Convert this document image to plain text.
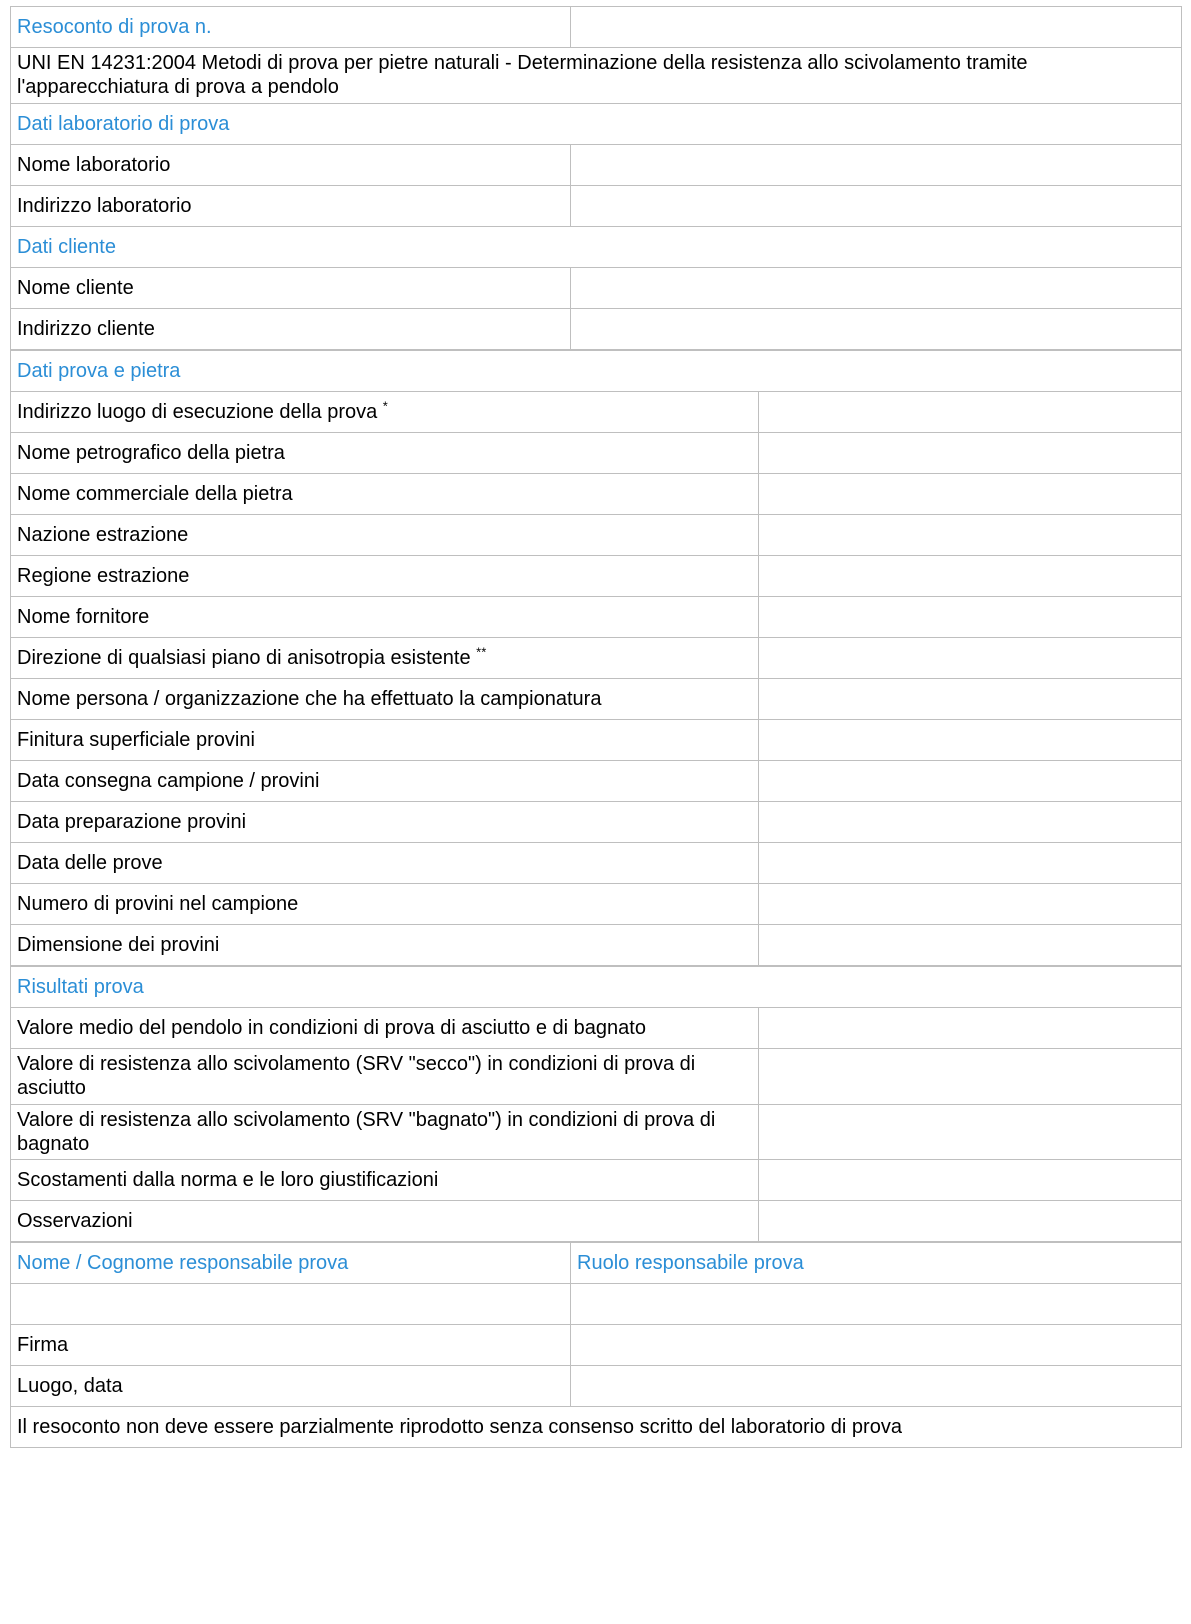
Resoconto di prova n.	
UNI EN 14231:2004 Metodi di prova per pietre naturali - Determinazione della resistenza allo scivolamento tramite l'apparecchiatura di prova a pendolo	
Dati laboratorio di prova	
Nome laboratorio	
Indirizzo laboratorio	
Dati cliente	
Nome cliente	
Indirizzo cliente	
Dati prova e pietra	
Indirizzo luogo di esecuzione della prova *	
Nome petrografico della pietra	
Nome commerciale della pietra	
Nazione estrazione	
Regione estrazione	
Nome fornitore	
Direzione di qualsiasi piano di anisotropia esistente **	
Nome persona / organizzazione che ha effettuato la campionatura	
Finitura superficiale provini	
Data consegna campione / provini	
Data preparazione provini	
Data delle prove	
Numero di provini nel campione	
Dimensione dei provini	
Risultati prova	
Valore medio del pendolo in condizioni di prova di asciutto e di bagnato	
Valore di resistenza allo scivolamento (SRV "secco") in condizioni di prova di asciutto	
Valore di resistenza allo scivolamento (SRV "bagnato") in condizioni di prova di bagnato	
Scostamenti dalla norma e le loro giustificazioni	
Osservazioni	
Nome / Cognome responsabile prova	Ruolo responsabile prova

Firma	
Luogo, data	
Il resoconto non deve essere parzialmente riprodotto senza consenso scritto del laboratorio di prova	
